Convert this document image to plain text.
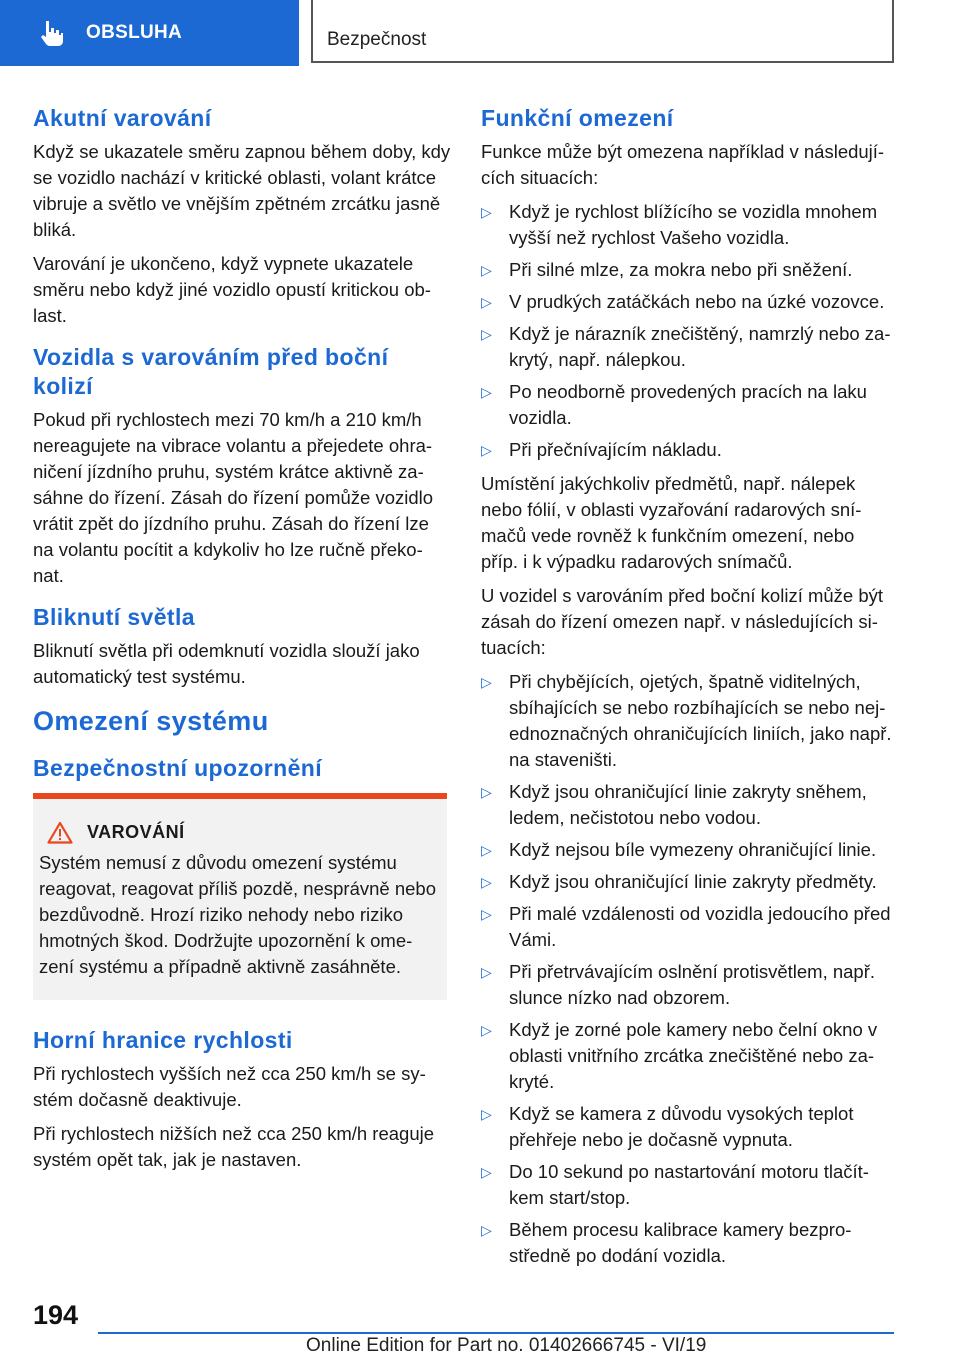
OBSLUHA	Bezpečnost
Akutní varování

Když se ukazatele směru zapnou během doby, kdy se vozidlo nachází v kritické oblasti, volant krátce vibruje a světlo ve vnějším zpětném zrcátku jasně bliká.

Varování je ukončeno, když vypnete ukazatele směru nebo když jiné vozidlo opustí kritickou ob‐ last.

Vozidla s varováním před boční kolizí

Pokud při rychlostech mezi 70 km/h a 210 km/h nereagujete na vibrace volantu a přejedete ohra‐ ničení jízdního pruhu, systém krátce aktivně za‐ sáhne do řízení. Zásah do řízení pomůže vozidlo vrátit zpět do jízdního pruhu. Zásah do řízení lze na volantu pocítit a kdykoliv ho lze ručně překo‐ nat.

Bliknutí světla

Bliknutí světla při odemknutí vozidla slouží jako automatický test systému.

Omezení systému
Bezpečnostní upozornění
VAROVÁNÍ

Systém nemusí z důvodu omezení systému reagovat, reagovat příliš pozdě, nesprávně nebo bezdůvodně. Hrozí riziko nehody nebo riziko hmotných škod. Dodržujte upozornění k ome‐ zení systému a případně aktivně zasáhněte.

Horní hranice rychlosti

Při rychlostech vyšších než cca 250 km/h se sy‐ stém dočasně deaktivuje.

Při rychlostech nižších než cca 250 km/h reaguje systém opět tak, jak je nastaven.

Funkční omezení

Funkce může být omezena například v následují‐ cích situacích:

▷ Když je rychlost blížícího se vozidla mnohem vyšší než rychlost Vašeho vozidla.
▷ Při silné mlze, za mokra nebo při sněžení.
▷ V prudkých zatáčkách nebo na úzké vozovce.
▷ Když je nárazník znečištěný, namrzlý nebo za‐ krytý, např. nálepkou.
▷ Po neodborně provedených pracích na laku vozidla.
▷ Při přečnívajícím nákladu.

Umístění jakýchkoliv předmětů, např. nálepek nebo fólií, v oblasti vyzařování radarových sní‐ mačů vede rovněž k funkčním omezení, nebo příp. i k výpadku radarových snímačů.

U vozidel s varováním před boční kolizí může být zásah do řízení omezen např. v následujících si‐ tuacích:

▷ Při chybějících, ojetých, špatně viditelných, sbíhajících se nebo rozbíhajících se nebo nej‐ ednoznačných ohraničujících liniích, jako např. na staveništi.
▷ Když jsou ohraničující linie zakryty sněhem, ledem, nečistotou nebo vodou.
▷ Když nejsou bíle vymezeny ohraničující linie.
▷ Když jsou ohraničující linie zakryty předměty.
▷ Při malé vzdálenosti od vozidla jedoucího před Vámi.
▷ Při přetrvávajícím oslnění protisvětlem, např. slunce nízko nad obzorem.
▷ Když je zorné pole kamery nebo čelní okno v oblasti vnitřního zrcátka znečištěné nebo za‐ kryté.
▷ Když se kamera z důvodu vysokých teplot přehřeje nebo je dočasně vypnuta.
▷ Do 10 sekund po nastartování motoru tlačít‐ kem start/stop.
▷ Během procesu kalibrace kamery bezpro‐ středně po dodání vozidla.
194
Online Edition for Part no. 01402666745 - VI/19
